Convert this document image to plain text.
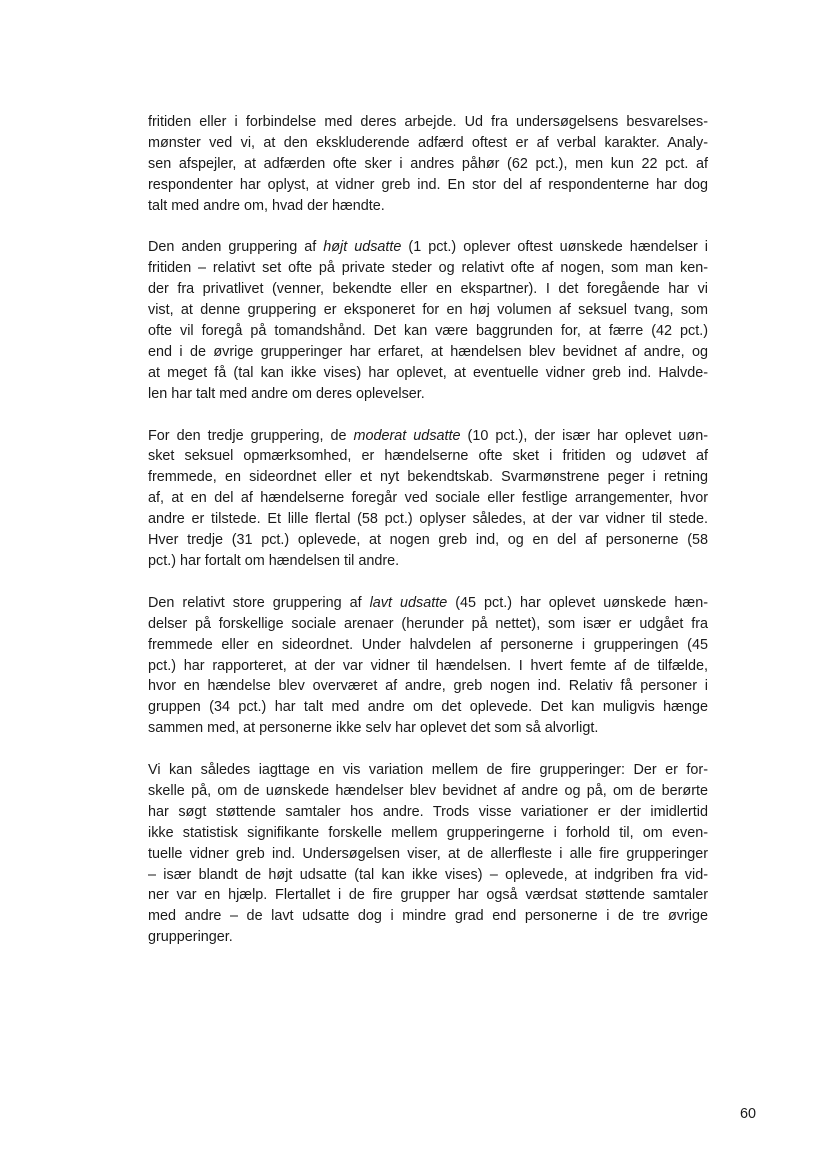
fritiden eller i forbindelse med deres arbejde. Ud fra undersøgelsens besvarelses-
mønster ved vi, at den ekskluderende adfærd oftest er af verbal karakter. Analy-
sen afspejler, at adfærden ofte sker i andres påhør (62 pct.), men kun 22 pct. af
respondenter har oplyst, at vidner greb ind. En stor del af respondenterne har dog
talt med andre om, hvad der hændte.

Den anden gruppering af højt udsatte (1 pct.) oplever oftest uønskede hændelser i
fritiden – relativt set ofte på private steder og relativt ofte af nogen, som man ken-
der fra privatlivet (venner, bekendte eller en ekspartner). I det foregående har vi
vist, at denne gruppering er eksponeret for en høj volumen af seksuel tvang, som
ofte vil foregå på tomandshånd. Det kan være baggrunden for, at færre (42 pct.)
end i de øvrige grupperinger har erfaret, at hændelsen blev bevidnet af andre, og
at meget få (tal kan ikke vises) har oplevet, at eventuelle vidner greb ind. Halvde-
len har talt med andre om deres oplevelser.

For den tredje gruppering, de moderat udsatte (10 pct.), der især har oplevet uøn-
sket seksuel opmærksomhed, er hændelserne ofte sket i fritiden og udøvet af
fremmede, en sideordnet eller et nyt bekendtskab. Svarmønstrene peger i retning
af, at en del af hændelserne foregår ved sociale eller festlige arrangementer, hvor
andre er tilstede. Et lille flertal (58 pct.) oplyser således, at der var vidner til stede.
Hver tredje (31 pct.) oplevede, at nogen greb ind, og en del af personerne (58
pct.) har fortalt om hændelsen til andre.

Den relativt store gruppering af lavt udsatte (45 pct.) har oplevet uønskede hæn-
delser på forskellige sociale arenaer (herunder på nettet), som især er udgået fra
fremmede eller en sideordnet. Under halvdelen af personerne i grupperingen (45
pct.) har rapporteret, at der var vidner til hændelsen. I hvert femte af de tilfælde,
hvor en hændelse blev overværet af andre, greb nogen ind. Relativ få personer i
gruppen (34 pct.) har talt med andre om det oplevede. Det kan muligvis hænge
sammen med, at personerne ikke selv har oplevet det som så alvorligt.

Vi kan således iagttage en vis variation mellem de fire grupperinger: Der er for-
skelle på, om de uønskede hændelser blev bevidnet af andre og på, om de berørte
har søgt støttende samtaler hos andre. Trods visse variationer er der imidlertid
ikke statistisk signifikante forskelle mellem grupperingerne i forhold til, om even-
tuelle vidner greb ind. Undersøgelsen viser, at de allerfleste i alle fire grupperinger
– især blandt de højt udsatte (tal kan ikke vises) – oplevede, at indgriben fra vid-
ner var en hjælp. Flertallet i de fire grupper har også værdsat støttende samtaler
med andre – de lavt udsatte dog i mindre grad end personerne i de tre øvrige
grupperinger.

60
